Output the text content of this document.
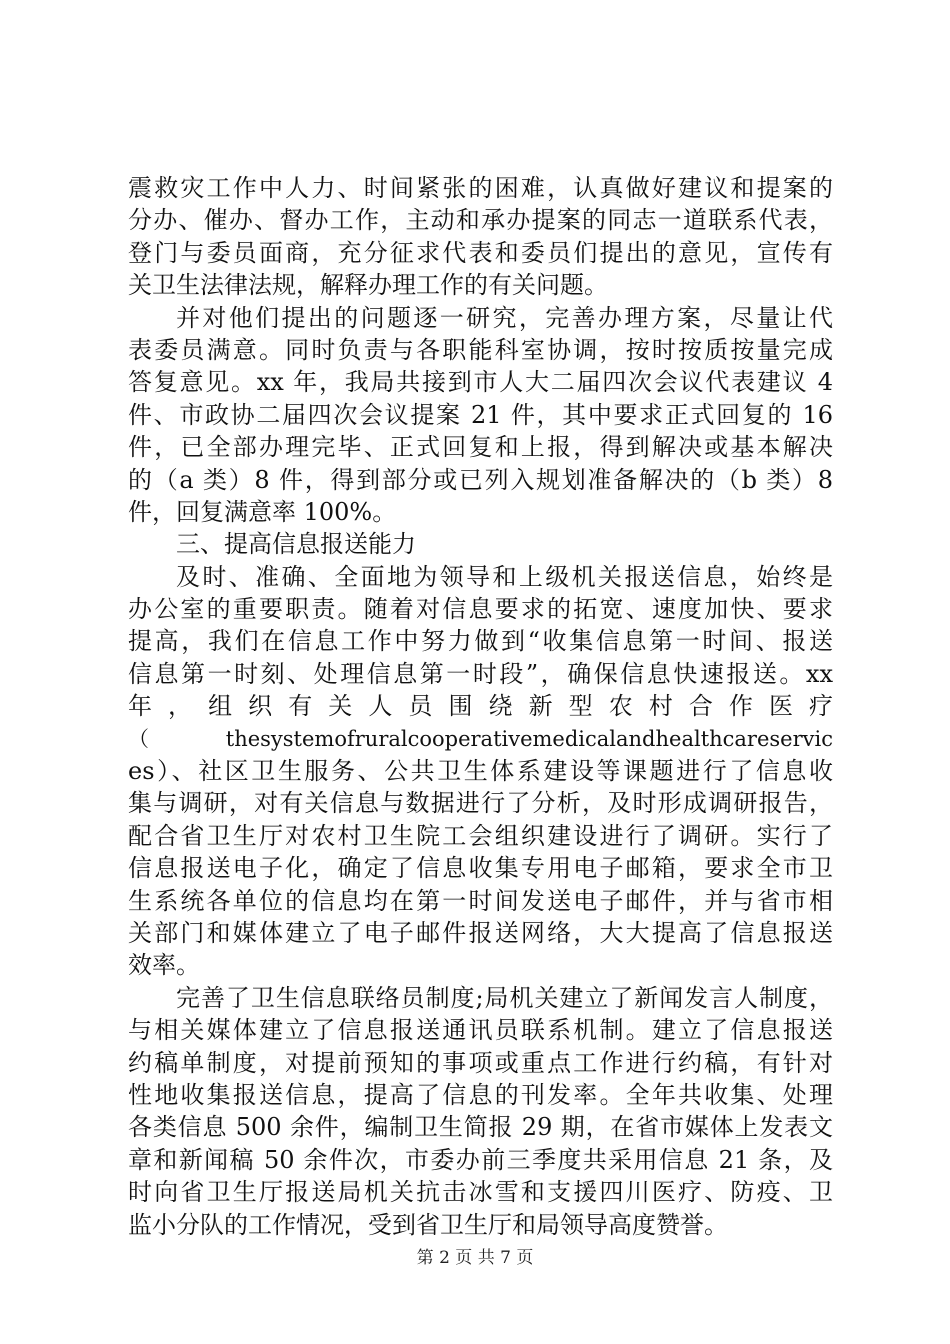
震救灾工作中人力、时间紧张的困难，认真做好建议和提案的
分办、催办、督办工作，主动和承办提案的同志一道联系代表，
登门与委员面商，充分征求代表和委员们提出的意见，宣传有
关卫生法律法规，解释办理工作的有关问题。
并对他们提出的问题逐一研究，完善办理方案，尽量让代
表委员满意。同时负责与各职能科室协调，按时按质按量完成
答复意见。xx 年，我局共接到市人大二届四次会议代表建议 4
件、市政协二届四次会议提案 21 件，其中要求正式回复的 16
件，已全部办理完毕、正式回复和上报，得到解决或基本解决
的（a 类）8 件，得到部分或已列入规划准备解决的（b 类）8
件，回复满意率 100%。
三、提高信息报送能力
及时、准确、全面地为领导和上级机关报送信息，始终是
办公室的重要职责。随着对信息要求的拓宽、速度加快、要求
提高，我们在信息工作中努力做到“收集信息第一时间、报送
信息第一时刻、处理信息第一时段”，确保信息快速报送。xx
年，组织有关人员围绕新型农村合作医疗
（thesystemofruralcooperativemedicalandhealthcareservic
es）、社区卫生服务、公共卫生体系建设等课题进行了信息收
集与调研，对有关信息与数据进行了分析，及时形成调研报告，
配合省卫生厅对农村卫生院工会组织建设进行了调研。实行了
信息报送电子化，确定了信息收集专用电子邮箱，要求全市卫
生系统各单位的信息均在第一时间发送电子邮件，并与省市相
关部门和媒体建立了电子邮件报送网络，大大提高了信息报送
效率。
完善了卫生信息联络员制度;局机关建立了新闻发言人制度，
与相关媒体建立了信息报送通讯员联系机制。建立了信息报送
约稿单制度，对提前预知的事项或重点工作进行约稿，有针对
性地收集报送信息，提高了信息的刊发率。全年共收集、处理
各类信息 500 余件，编制卫生简报 29 期，在省市媒体上发表文
章和新闻稿 50 余件次，市委办前三季度共采用信息 21 条，及
时向省卫生厅报送局机关抗击冰雪和支援四川医疗、防疫、卫
监小分队的工作情况，受到省卫生厅和局领导高度赞誉。
第 2 页 共 7 页
